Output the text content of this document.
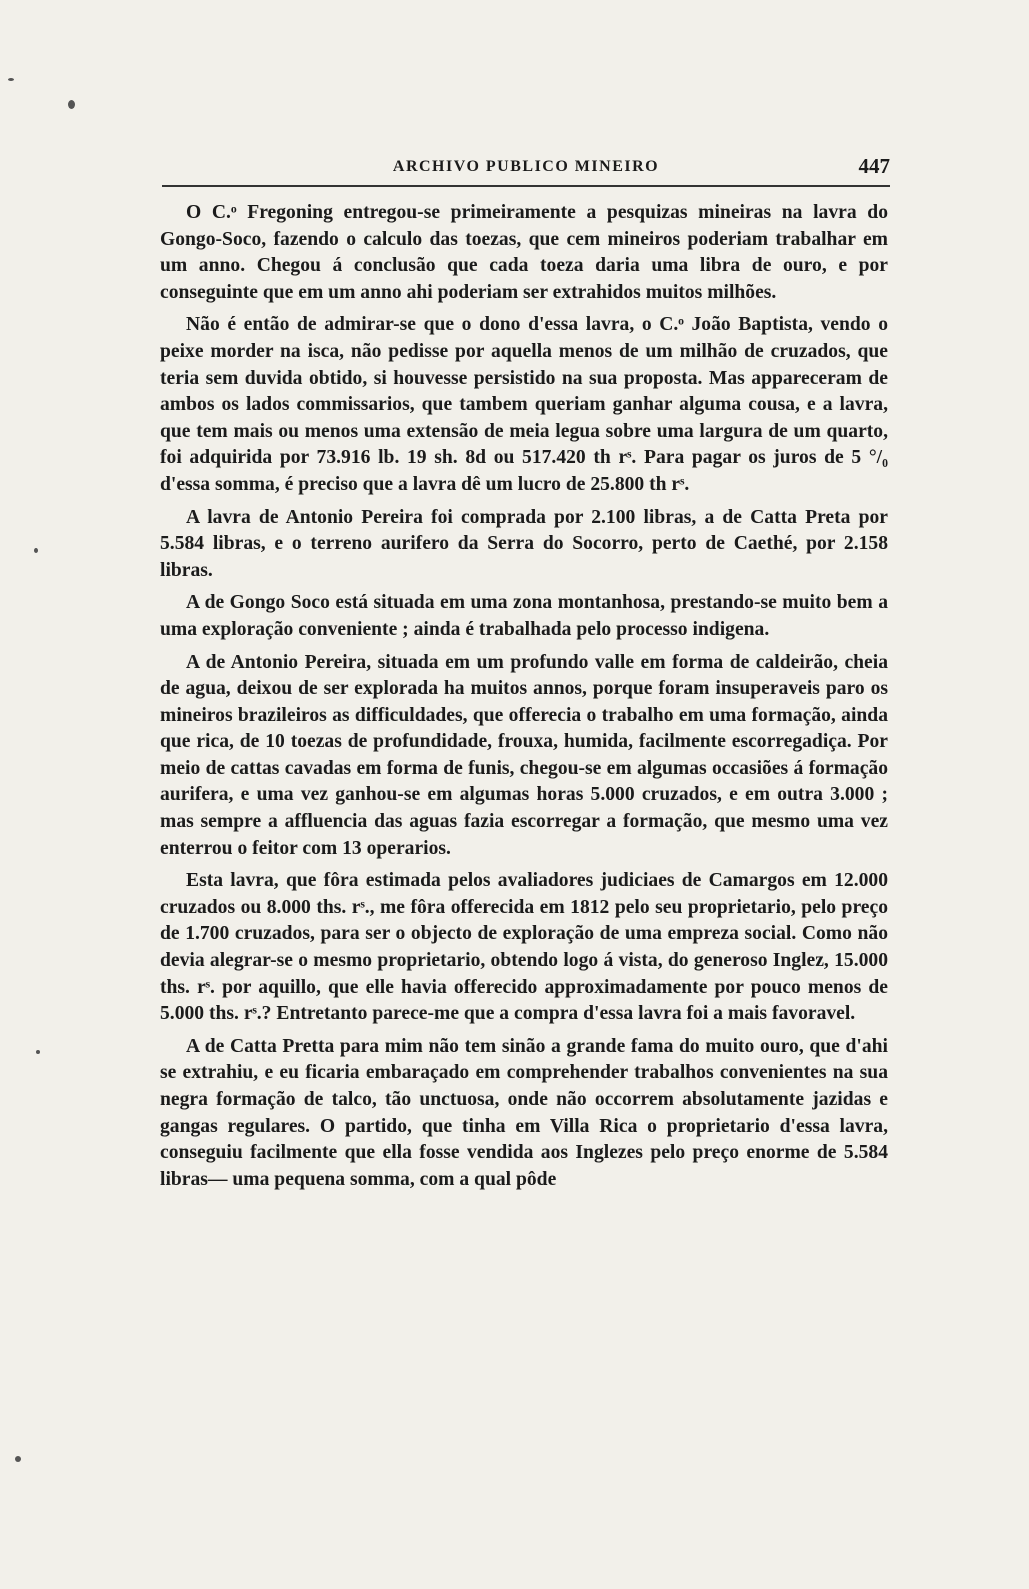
ARCHIVO PUBLICO MINEIRO	447

O C.ᵒ Fregoning entregou-se primeiramente a pesquizas mineiras na lavra do Gongo-Soco, fazendo o calculo das toezas, que cem mineiros poderiam trabalhar em um anno. Chegou á conclusão que cada toeza daria uma libra de ouro, e por conseguinte que em um anno ahi poderiam ser extrahidos muitos milhões.

Não é então de admirar-se que o dono d'essa lavra, o C.ᵒ João Baptista, vendo o peixe morder na isca, não pedisse por aquella menos de um milhão de cruzados, que teria sem duvida obtido, si houvesse persistido na sua proposta. Mas appareceram de ambos os lados commissarios, que tambem queriam ganhar alguma cousa, e a lavra, que tem mais ou menos uma extensão de meia legua sobre uma largura de um quarto, foi adquirida por 73.916 lb. 19 sh. 8d ou 517.420 th rˢ. Para pagar os juros de 5 °/₀ d'essa somma, é preciso que a lavra dê um lucro de 25.800 th rˢ.

A lavra de Antonio Pereira foi comprada por 2.100 libras, a de Catta Preta por 5.584 libras, e o terreno aurifero da Serra do Socorro, perto de Caethé, por 2.158 libras.

A de Gongo Soco está situada em uma zona montanhosa, prestando-se muito bem a uma exploração conveniente ; ainda é trabalhada pelo processo indigena.

A de Antonio Pereira, situada em um profundo valle em forma de caldeirão, cheia de agua, deixou de ser explorada ha muitos annos, porque foram insuperaveis paro os mineiros brazileiros as difficuldades, que offerecia o trabalho em uma formação, ainda que rica, de 10 toezas de profundidade, frouxa, humida, facilmente escorregadiça. Por meio de cattas cavadas em forma de funis, chegou-se em algumas occasiões á formação aurifera, e uma vez ganhou-se em algumas horas 5.000 cruzados, e em outra 3.000 ; mas sempre a affluencia das aguas fazia escorregar a formação, que mesmo uma vez enterrou o feitor com 13 operarios.

Esta lavra, que fôra estimada pelos avaliadores judiciaes de Camargos em 12.000 cruzados ou 8.000 ths. rˢ., me fôra offerecida em 1812 pelo seu proprietario, pelo preço de 1.700 cruzados, para ser o objecto de exploração de uma empreza social. Como não devia alegrar-se o mesmo proprietario, obtendo logo á vista, do generoso Inglez, 15.000 ths. rˢ. por aquillo, que elle havia offerecido approximadamente por pouco menos de 5.000 ths. rˢ.? Entretanto parece-me que a compra d'essa lavra foi a mais favoravel.

A de Catta Pretta para mim não tem sinão a grande fama do muito ouro, que d'ahi se extrahiu, e eu ficaria embaraçado em comprehender trabalhos convenientes na sua negra formação de talco, tão unctuosa, onde não occorrem absolutamente jazidas e gangas regulares. O partido, que tinha em Villa Rica o proprietario d'essa lavra, conseguiu facilmente que ella fosse vendida aos Inglezes pelo preço enorme de 5.584 libras— uma pequena somma, com a qual pôde
